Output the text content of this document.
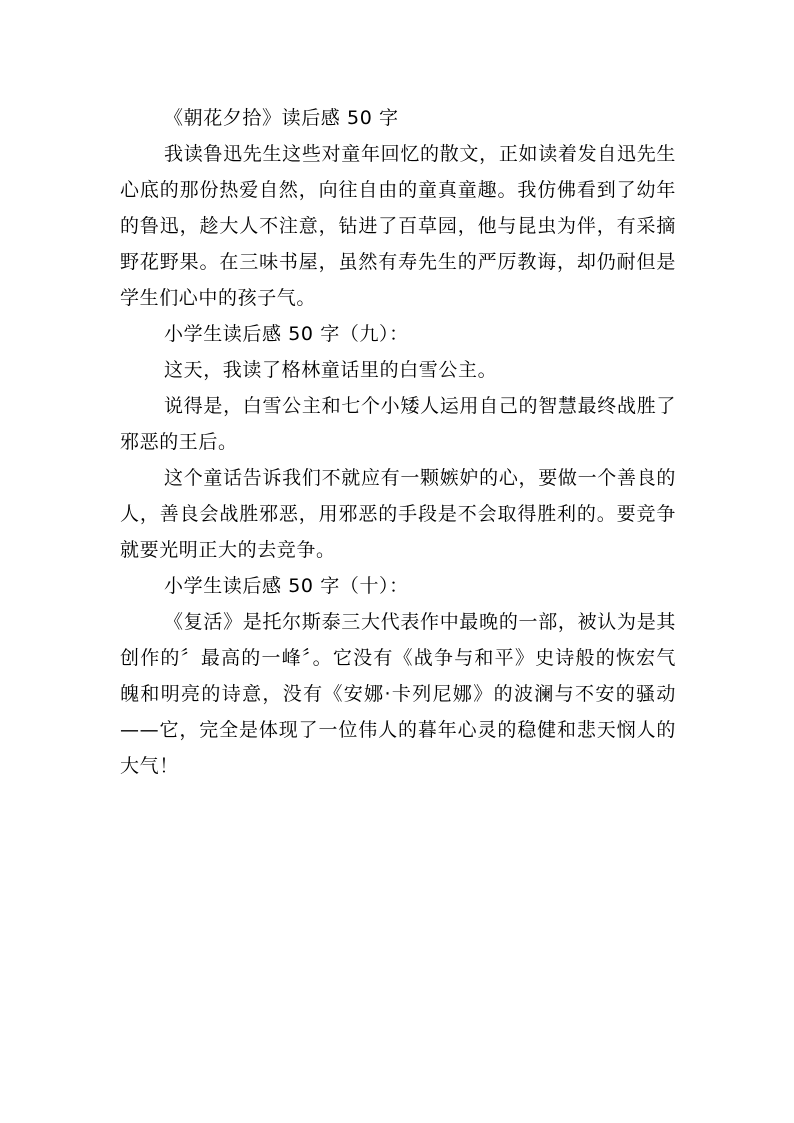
《朝花夕拾》读后感 50 字

我读鲁迅先生这些对童年回忆的散文，正如读着发自迅先生心底的那份热爱自然，向往自由的童真童趣。我仿佛看到了幼年的鲁迅，趁大人不注意，钻进了百草园，他与昆虫为伴，有采摘野花野果。在三味书屋，虽然有寿先生的严厉教诲，却仍耐但是学生们心中的孩子气。

小学生读后感 50 字（九）：

这天，我读了格林童话里的白雪公主。

说得是，白雪公主和七个小矮人运用自己的智慧最终战胜了邪恶的王后。

这个童话告诉我们不就应有一颗嫉妒的心，要做一个善良的人，善良会战胜邪恶，用邪恶的手段是不会取得胜利的。要竞争就要光明正大的去竞争。

小学生读后感 50 字（十）：

《复活》是托尔斯泰三大代表作中最晚的一部，被认为是其创作的〞最高的一峰〞。它没有《战争与和平》史诗般的恢宏气魄和明亮的诗意，没有《安娜·卡列尼娜》的波澜与不安的骚动——它，完全是体现了一位伟人的暮年心灵的稳健和悲天悯人的大气！
